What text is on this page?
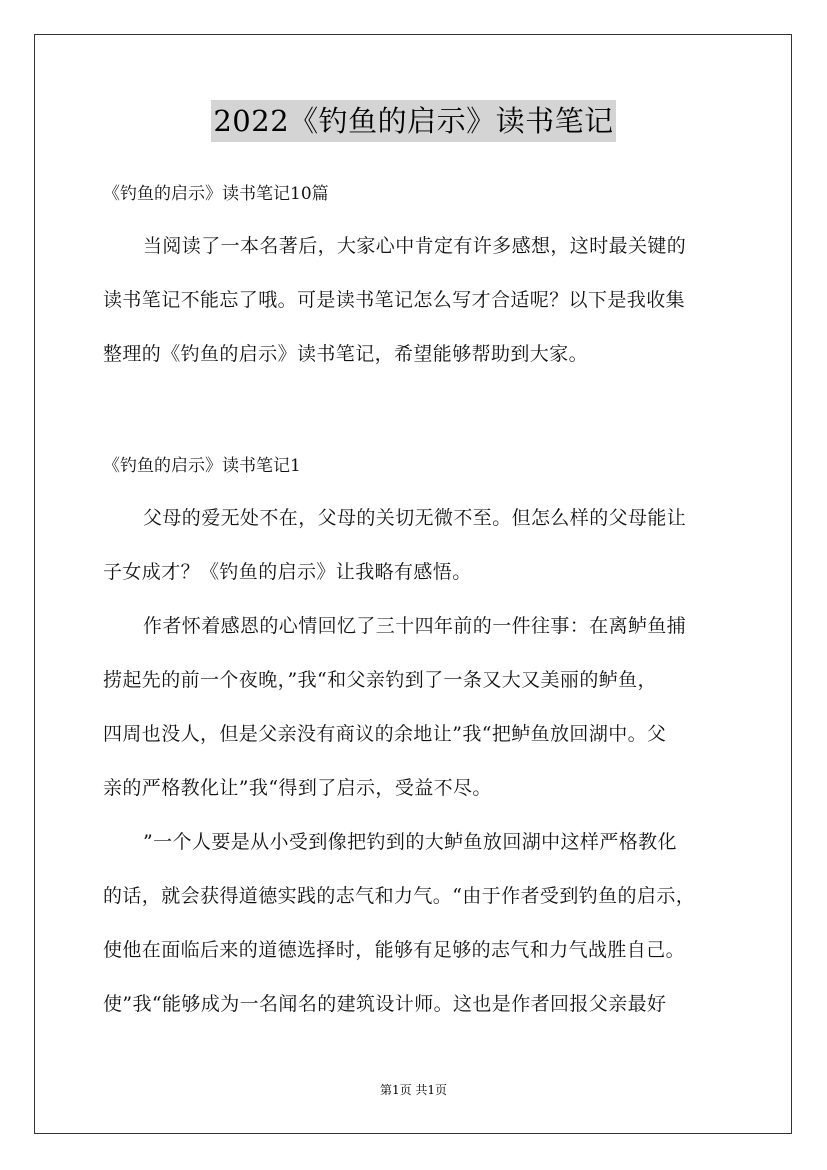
2022《钓鱼的启示》读书笔记
《钓鱼的启示》读书笔记10篇

当阅读了一本名著后，大家心中肯定有许多感想，这时最关键的

读书笔记不能忘了哦。可是读书笔记怎么写才合适呢？以下是我收集

整理的《钓鱼的启示》读书笔记，希望能够帮助到大家。

《钓鱼的启示》读书笔记1

父母的爱无处不在，父母的关切无微不至。但怎么样的父母能让

子女成才？《钓鱼的启示》让我略有感悟。

作者怀着感恩的心情回忆了三十四年前的一件往事：在离鲈鱼捕

捞起先的前一个夜晚，”我“和父亲钓到了一条又大又美丽的鲈鱼，

四周也没人，但是父亲没有商议的余地让”我“把鲈鱼放回湖中。父

亲的严格教化让”我“得到了启示，受益不尽。

”一个人要是从小受到像把钓到的大鲈鱼放回湖中这样严格教化

的话，就会获得道德实践的志气和力气。“由于作者受到钓鱼的启示，

使他在面临后来的道德选择时，能够有足够的志气和力气战胜自己。

使”我“能够成为一名闻名的建筑设计师。这也是作者回报父亲最好

第1页 共1页
